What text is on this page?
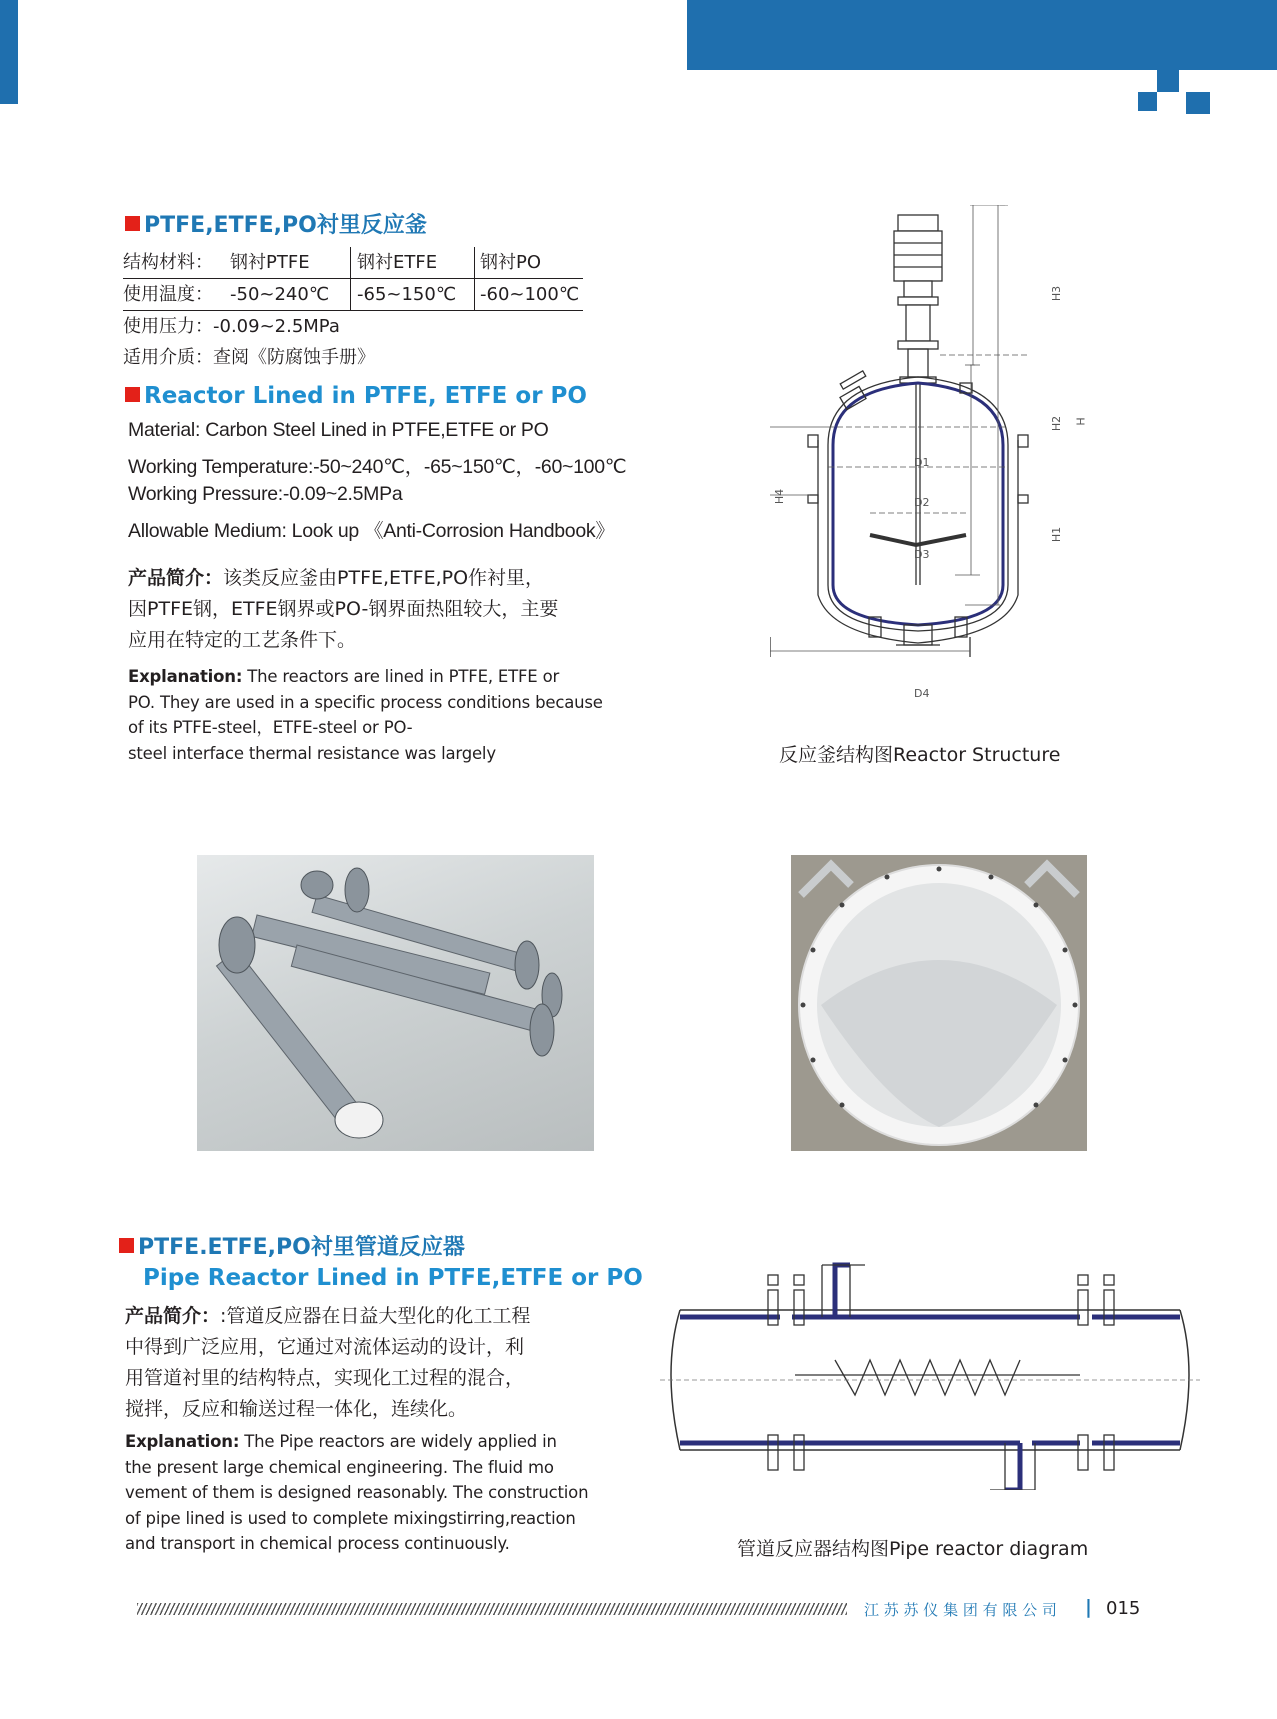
PTFE,ETFE,PO衬里反应釜
结构材料： 钢衬PTFE	钢衬ETFE 钢衬PO
使用温度： -50~240℃ -65~150℃ -60~100℃
使用压力：-0.09~2.5MPa
适用介质：查阅《防腐蚀手册》
Reactor Lined in PTFE, ETFE or PO
Material: Carbon Steel Lined in PTFE,ETFE or PO
Working Temperature:-50~240℃，-65~150℃，-60~100℃
Working Pressure:-0.09~2.5MPa
Allowable Medium: Look up 《Anti-Corrosion Handbook》
产品简介：该类反应釜由PTFE,ETFE,PO作衬里，
因PTFE钢，ETFE钢界或PO-钢界面热阻较大，主要
应用在特定的工艺条件下。
Explanation: The reactors are lined in PTFE, ETFE or
PO. They are used in a specific process conditions because
of its PTFE-steel，ETFE-steel or PO-
steel interface thermal resistance was largely
H3
H2 H
H4
H1
D1
D2
D3
D4
反应釜结构图Reactor Structure
PTFE.ETFE,PO衬里管道反应器
Pipe Reactor Lined in PTFE,ETFE or PO
产品简介：:管道反应器在日益大型化的化工工程
中得到广泛应用，它通过对流体运动的设计，利
用管道衬里的结构特点，实现化工过程的混合，
搅拌，反应和输送过程一体化，连续化。
Explanation: The Pipe reactors are widely applied in
the present large chemical engineering. The fluid mo
vement of them is designed reasonably. The construction
of pipe lined is used to complete mixingstirring,reaction
and transport in chemical process continuously.	管道反应器结构图Pipe reactor diagram
江 苏 苏 仪 集 团 有 限 公 司 | 015
